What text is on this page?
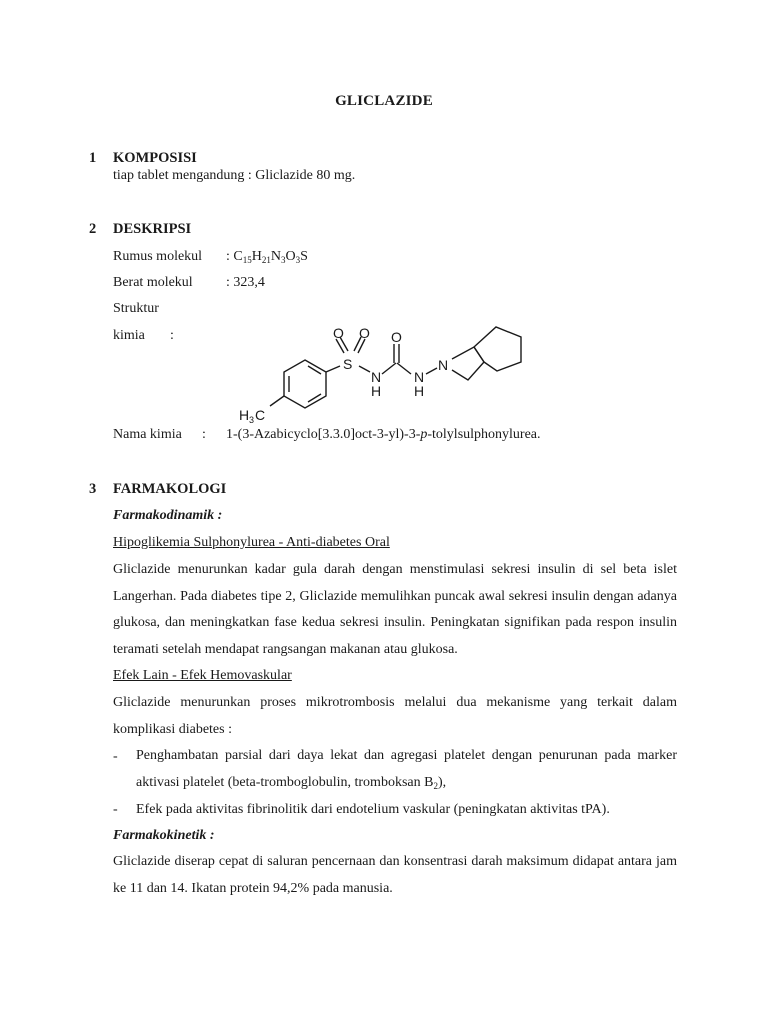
GLICLAZIDE
1 KOMPOSISI
tiap tablet mengandung : Gliclazide 80 mg.
2 DESKRIPSI
Rumus molekul : $C_{15}H_{21}N_3O_3S$
Berat molekul : 323,4
Struktur
kimia :	O O
S
O
N
H
N
H
N
H 3 C
Nama kimia : 1-(3-Azabicyclo[3.3.0]oct-3-yl)-3-p-tolylsulphonylurea.
3 FARMAKOLOGI
Farmakodinamik :
Hipoglikemia Sulphonylurea - Anti-diabetes Oral
Gliclazide menurunkan kadar gula darah dengan menstimulasi sekresi insulin di sel beta islet Langerhan. Pada diabetes tipe 2, Gliclazide memulihkan puncak awal sekresi insulin dengan adanya glukosa, dan meningkatkan fase kedua sekresi insulin. Peningkatan signifikan pada respon insulin teramati setelah mendapat rangsangan makanan atau glukosa.
Efek Lain - Efek Hemovaskular
Gliclazide menurunkan proses mikrotrombosis melalui dua mekanisme yang terkait dalam komplikasi diabetes :
- Penghambatan parsial dari daya lekat dan agregasi platelet dengan penurunan pada marker aktivasi platelet (beta-tromboglobulin, tromboksan $B_2$),
- Efek pada aktivitas fibrinolitik dari endotelium vaskular (peningkatan aktivitas tPA).
Farmakokinetik :
Gliclazide diserap cepat di saluran pencernaan dan konsentrasi darah maksimum didapat antara jam ke 11 dan 14. Ikatan protein 94,2% pada manusia.
